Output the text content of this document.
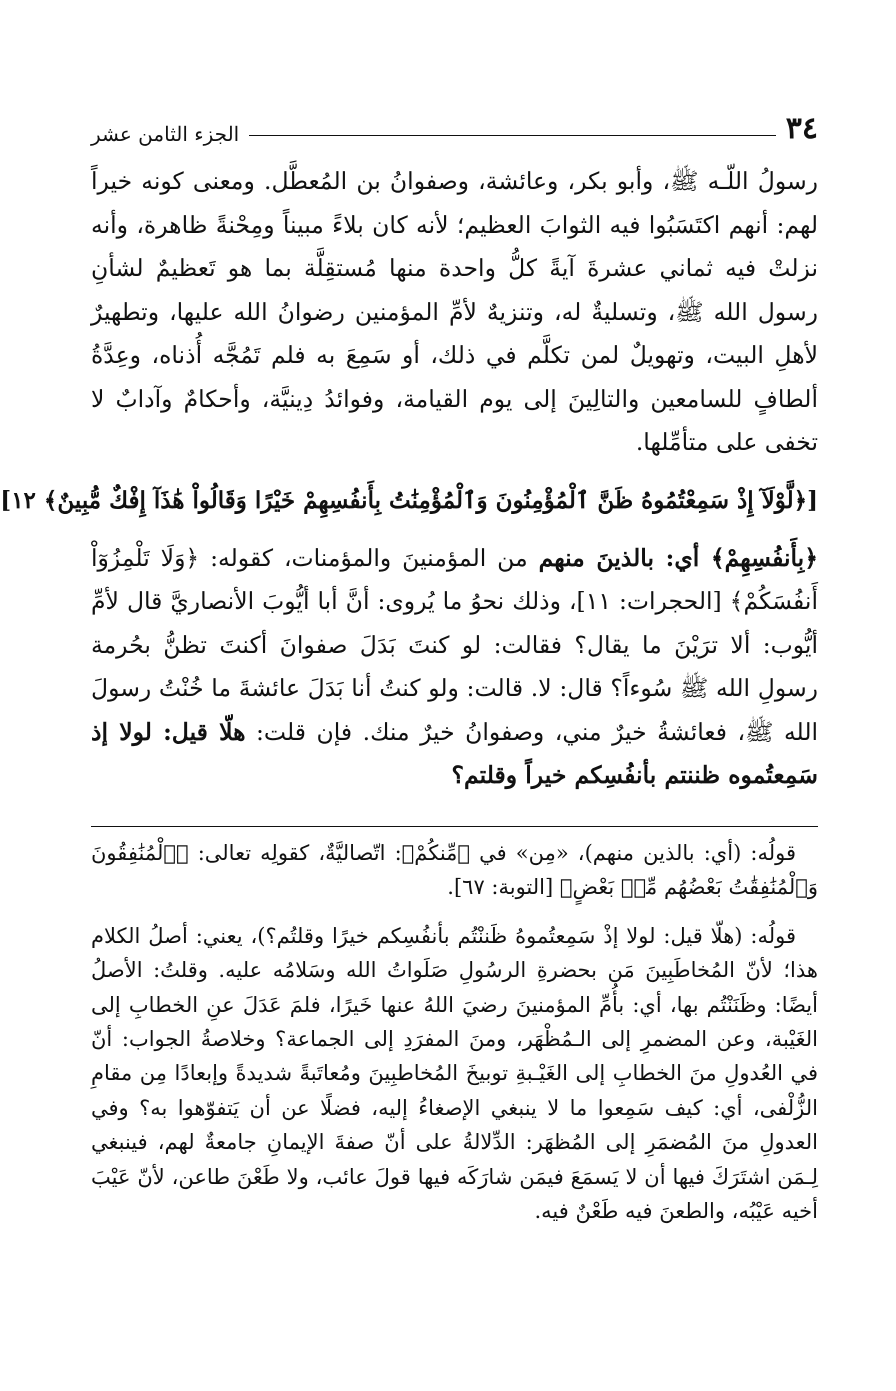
٣٤
الجزء الثامن عشر

رسولُ اللّـه ﷺ، وأبو بكر، وعائشة، وصفوانُ بن المُعطَّل. ومعنى كونه خيراً لهم: أنهم اكتَسَبُوا فيه الثوابَ العظيم؛ لأنه كان بلاءً مبيناً ومِحْنةً ظاهرة، وأنه نزلتْ فيه ثماني عشرةَ آيةً كلُّ واحدة منها مُستقِلَّة بما هو تَعظيمٌ لشأنِ رسول الله ﷺ، وتسليةٌ له، وتنزيهٌ لأمِّ المؤمنين رضوانُ الله عليها، وتطهيرٌ لأهلِ البيت، وتهويلٌ لمن تكلَّم في ذلك، أو سَمِعَ به فلم تَمُجَّه أُذناه، وعِدَّةُ ألطافٍ للسامعين والتالِينَ إلى يوم القيامة، وفوائدُ دِينيَّة، وأحكامٌ وآدابٌ لا تخفى على متأمِّلها.

[﴿لَّوْلَآ إِذْ سَمِعْتُمُوهُ ظَنَّ ٱلْمُؤْمِنُونَ وَٱلْمُؤْمِنَٰتُ بِأَنفُسِهِمْ خَيْرًا وَقَالُواْ هَٰذَآ إِفْكٌ مُّبِينٌ﴾ ١٢]

﴿بِأَنفُسِهِمْ﴾ أي: بالذينَ منهم من المؤمنينَ والمؤمنات، كقوله: ﴿وَلَا تَلْمِزُوٓاْ أَنفُسَكُمْ﴾ [الحجرات: ١١]، وذلك نحوُ ما يُروى: أنَّ أبا أيُّوبَ الأنصاريَّ قال لأمِّ أيُّوب: ألا ترَيْنَ ما يقال؟ فقالت: لو كنتَ بَدَلَ صفوانَ أكنتَ تظنُّ بحُرمة رسولِ الله ﷺ سُوءاً؟ قال: لا. قالت: ولو كنتُ أنا بَدَلَ عائشةَ ما خُنْتُ رسولَ الله ﷺ، فعائشةُ خيرٌ مني، وصفوانُ خيرٌ منك. فإن قلت: هلّا قيل: لولا إذ سَمِعتُموه ظننتم بأنفُسِكم خيراً وقلتم؟

قولُه: (أي: بالذين منهم)، «مِن» في ﴿مِّنكُمْ﴾: اتّصاليَّةٌ، كقولِه تعالى: ﴿ٱلْمُنَٰفِقُونَ وَٱلْمُنَٰفِقَٰتُ بَعْضُهُم مِّنۢ بَعْضٍ﴾ [التوبة: ٦٧].

قولُه: (هلّا قيل: لولا إذْ سَمِعتُموهُ ظَننْتُم بأنفُسِكم خيرًا وقلتُم؟)، يعني: أصلُ الكلام هذا؛ لأنّ المُخاطَبِينَ مَن بحضرةِ الرسُولِ صَلَواتُ الله وسَلامُه عليه. وقلتُ: الأصلُ أيضًا: وظَنَنْتُم بها، أي: بأُمِّ المؤمنينَ رضيَ اللهُ عنها خَيرًا، فلمَ عَدَلَ عنِ الخطابِ إلى الغَيْبة، وعن المضمرِ إلى الـمُظْهَر، ومنَ المفرَدِ إلى الجماعة؟ وخلاصةُ الجواب: أنّ في العُدولِ منَ الخطابِ إلى الغَيْـبةِ توبيخَ المُخاطبِينَ ومُعاتَبةً شديدةً وإبعادًا مِن مقامِ الزُّلْفى، أي: كيف سَمِعوا ما لا ينبغي الإصغاءُ إليه، فضلًا عن أن يَتفوّهوا به؟ وفي العدولِ منَ المُضمَرِ إلى المُظهَر: الدِّلالةُ على أنّ صفةَ الإيمانِ جامعةٌ لهم، فينبغي لِـمَن اشتَرَكَ فيها أن لا يَسمَعَ فيمَن شارَكَه فيها قولَ عائب، ولا طَعْنَ طاعن، لأنّ عَيْبَ أخيه عَيْبُه، والطعنَ فيه طَعْنٌ فيه.
